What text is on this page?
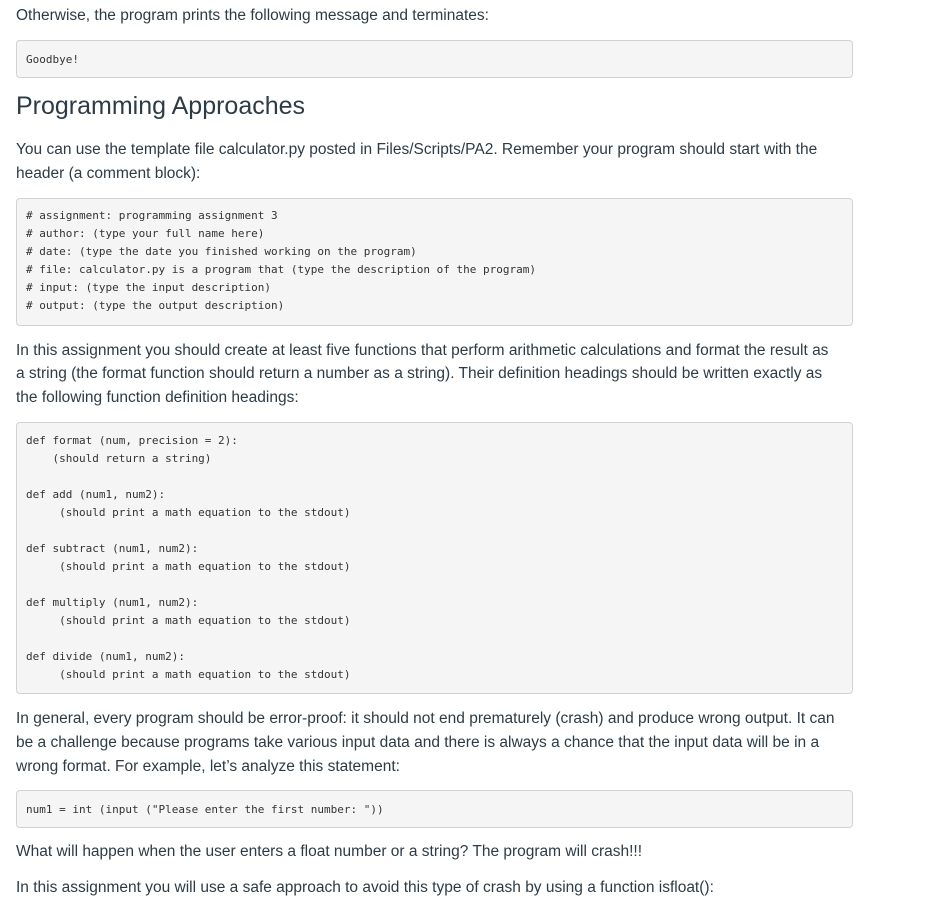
Otherwise, the program prints the following message and terminates:

Goodbye!
Programming Approaches

You can use the template file calculator.py posted in Files/Scripts/PA2. Remember your program should start with the

header (a comment block):

# assignment: programming assignment 3
# author: (type your full name here)
# date: (type the date you finished working on the program)
# file: calculator.py is a program that (type the description of the program)
# input: (type the input description)
# output: (type the output description)

In this assignment you should create at least five functions that perform arithmetic calculations and format the result as

a string (the format function should return a number as a string). Their definition headings should be written exactly as

the following function definition headings:

def format (num, precision = 2):
(should return a string)
def add (num1, num2):
(should print a math equation to the stdout)
def subtract (num1, num2):
(should print a math equation to the stdout)
def multiply (num1, num2):
(should print a math equation to the stdout)
def divide (num1, num2):
(should print a math equation to the stdout)

In general, every program should be error-proof: it should not end prematurely (crash) and produce wrong output. It can

be a challenge because programs take various input data and there is always a chance that the input data will be in a

wrong format. For example, let’s analyze this statement:

num1 = int (input ("Please enter the first number: "))

What will happen when the user enters a float number or a string? The program will crash!!!

In this assignment you will use a safe approach to avoid this type of crash by using a function isfloat():
